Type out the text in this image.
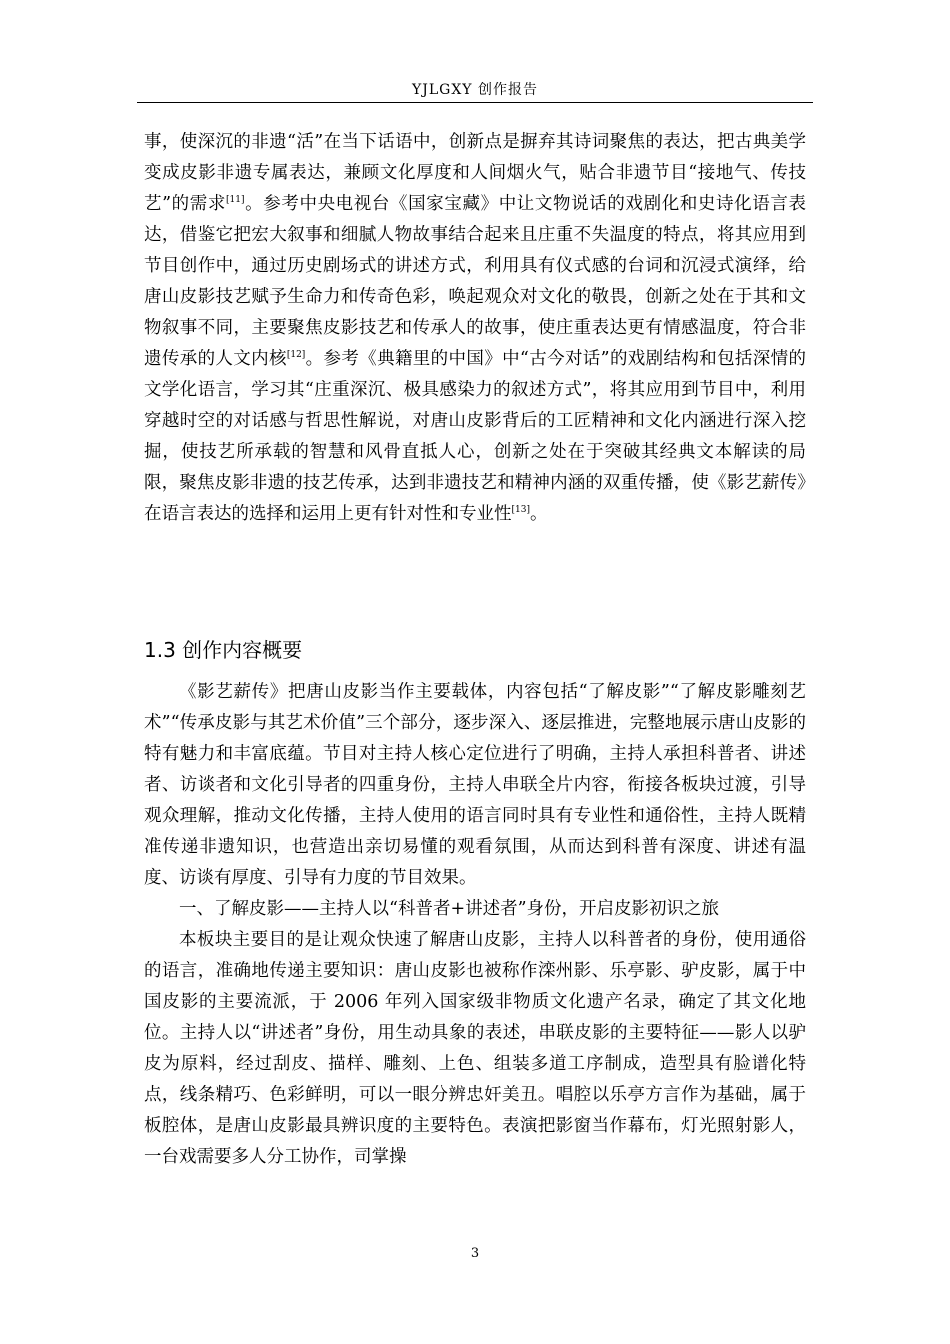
YJLGXY 创作报告

事，使深沉的非遗“活”在当下话语中，创新点是摒弃其诗词聚焦的表达，把古典美学变成皮影非遗专属表达，兼顾文化厚度和人间烟火气，贴合非遗节目“接地气、传技艺”的需求[11]。参考中央电视台《国家宝藏》中让文物说话的戏剧化和史诗化语言表达，借鉴它把宏大叙事和细腻人物故事结合起来且庄重不失温度的特点，将其应用到节目创作中，通过历史剧场式的讲述方式，利用具有仪式感的台词和沉浸式演绎，给唐山皮影技艺赋予生命力和传奇色彩，唤起观众对文化的敬畏，创新之处在于其和文物叙事不同，主要聚焦皮影技艺和传承人的故事，使庄重表达更有情感温度，符合非遗传承的人文内核[12]。参考《典籍里的中国》中“古今对话”的戏剧结构和包括深情的文学化语言，学习其“庄重深沉、极具感染力的叙述方式”，将其应用到节目中，利用穿越时空的对话感与哲思性解说，对唐山皮影背后的工匠精神和文化内涵进行深入挖掘，使技艺所承载的智慧和风骨直抵人心，创新之处在于突破其经典文本解读的局限，聚焦皮影非遗的技艺传承，达到非遗技艺和精神内涵的双重传播，使《影艺薪传》在语言表达的选择和运用上更有针对性和专业性[13]。

1.3 创作内容概要

《影艺薪传》把唐山皮影当作主要载体，内容包括“了解皮影”“了解皮影雕刻艺术”“传承皮影与其艺术价值”三个部分，逐步深入、逐层推进，完整地展示唐山皮影的特有魅力和丰富底蕴。节目对主持人核心定位进行了明确，主持人承担科普者、讲述者、访谈者和文化引导者的四重身份，主持人串联全片内容，衔接各板块过渡，引导观众理解，推动文化传播，主持人使用的语言同时具有专业性和通俗性，主持人既精准传递非遗知识，也营造出亲切易懂的观看氛围，从而达到科普有深度、讲述有温度、访谈有厚度、引导有力度的节目效果。

一、了解皮影——主持人以“科普者+讲述者”身份，开启皮影初识之旅

本板块主要目的是让观众快速了解唐山皮影，主持人以科普者的身份，使用通俗的语言，准确地传递主要知识：唐山皮影也被称作滦州影、乐亭影、驴皮影，属于中国皮影的主要流派，于 2006 年列入国家级非物质文化遗产名录，确定了其文化地位。主持人以“讲述者”身份，用生动具象的表述，串联皮影的主要特征——影人以驴皮为原料，经过刮皮、描样、雕刻、上色、组装多道工序制成，造型具有脸谱化特点，线条精巧、色彩鲜明，可以一眼分辨忠奸美丑。唱腔以乐亭方言作为基础，属于板腔体，是唐山皮影最具辨识度的主要特色。表演把影窗当作幕布，灯光照射影人，一台戏需要多人分工协作，司掌操

3
